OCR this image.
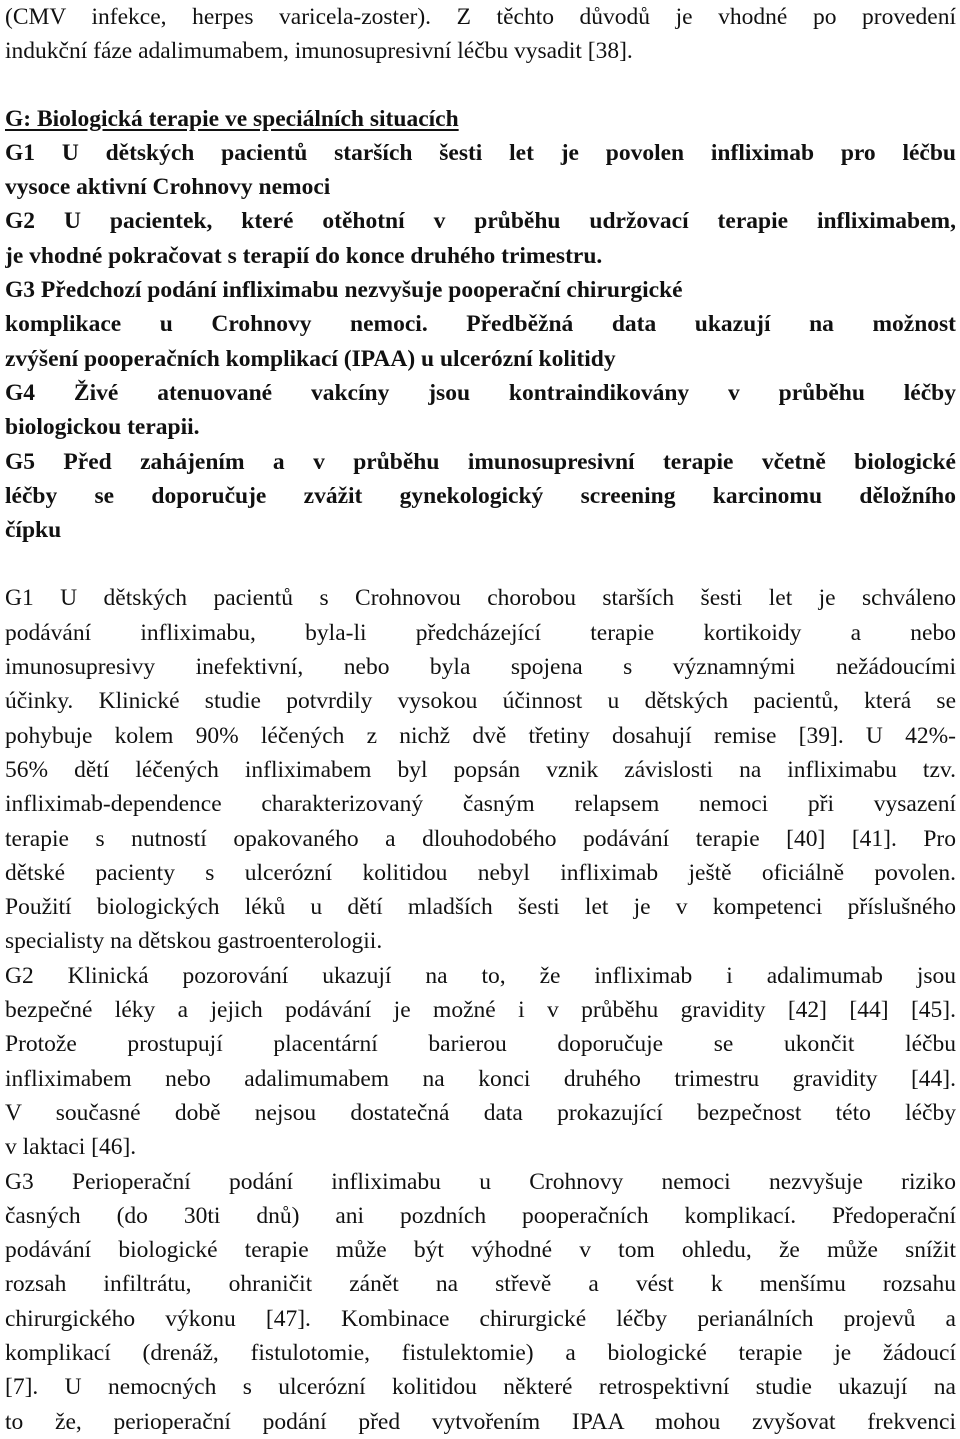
(CMV infekce, herpes varicela-zoster). Z těchto důvodů je vhodné po provedení
indukční fáze adalimumabem, imunosupresivní léčbu vysadit [38].
G: Biologická terapie ve speciálních situacích
G1 U dětských pacientů starších šesti let je povolen infliximab pro léčbu
vysoce aktivní Crohnovy nemoci
G2 U pacientek, které otěhotní v průběhu udržovací terapie infliximabem,
je vhodné pokračovat s terapií do konce druhého trimestru.
G3 Předchozí podání infliximabu nezvyšuje pooperační chirurgické
komplikace u Crohnovy nemoci. Předběžná data ukazují na možnost
zvýšení pooperačních komplikací (IPAA) u ulcerózní kolitidy
G4 Živé atenuované vakcíny jsou kontraindikovány v průběhu léčby
biologickou terapii.
G5 Před zahájením a v průběhu imunosupresivní terapie včetně biologické
léčby se doporučuje zvážit gynekologický screening karcinomu děložního
čípku
G1 U dětských pacientů s Crohnovou chorobou starších šesti let je schváleno
podávání infliximabu, byla-li předcházející terapie kortikoidy a nebo
imunosupresivy inefektivní, nebo byla spojena s významnými nežádoucími
účinky. Klinické studie potvrdily vysokou účinnost u dětských pacientů, která se
pohybuje kolem 90% léčených z nichž dvě třetiny dosahují remise [39]. U 42%-
56% dětí léčených infliximabem byl popsán vznik závislosti na infliximabu tzv.
infliximab-dependence charakterizovaný časným relapsem nemoci při vysazení
terapie s nutností opakovaného a dlouhodobého podávání terapie [40] [41]. Pro
dětské pacienty s ulcerózní kolitidou nebyl infliximab ještě oficiálně povolen.
Použití biologických léků u dětí mladších šesti let je v kompetenci příslušného
specialisty na dětskou gastroenterologii.
G2 Klinická pozorování ukazují na to, že infliximab i adalimumab jsou
bezpečné léky a jejich podávání je možné i v průběhu gravidity [42] [44] [45].
Protože prostupují placentární barierou doporučuje se ukončit léčbu
infliximabem nebo adalimumabem na konci druhého trimestru gravidity [44].
V současné době nejsou dostatečná data prokazující bezpečnost této léčby
v laktaci [46].
G3 Perioperační podání infliximabu u Crohnovy nemoci nezvyšuje riziko
časných (do 30ti dnů) ani pozdních pooperačních komplikací. Předoperační
podávání biologické terapie může být výhodné v tom ohledu, že může snížit
rozsah infiltrátu, ohraničit zánět na střevě a vést k menšímu rozsahu
chirurgického výkonu [47]. Kombinace chirurgické léčby perianálních projevů a
komplikací (drenáž, fistulotomie, fistulektomie) a biologické terapie je žádoucí
[7]. U nemocných s ulcerózní kolitidou některé retrospektivní studie ukazují na
to že, perioperační podání před vytvořením IPAA mohou zvyšovat frekvenci
